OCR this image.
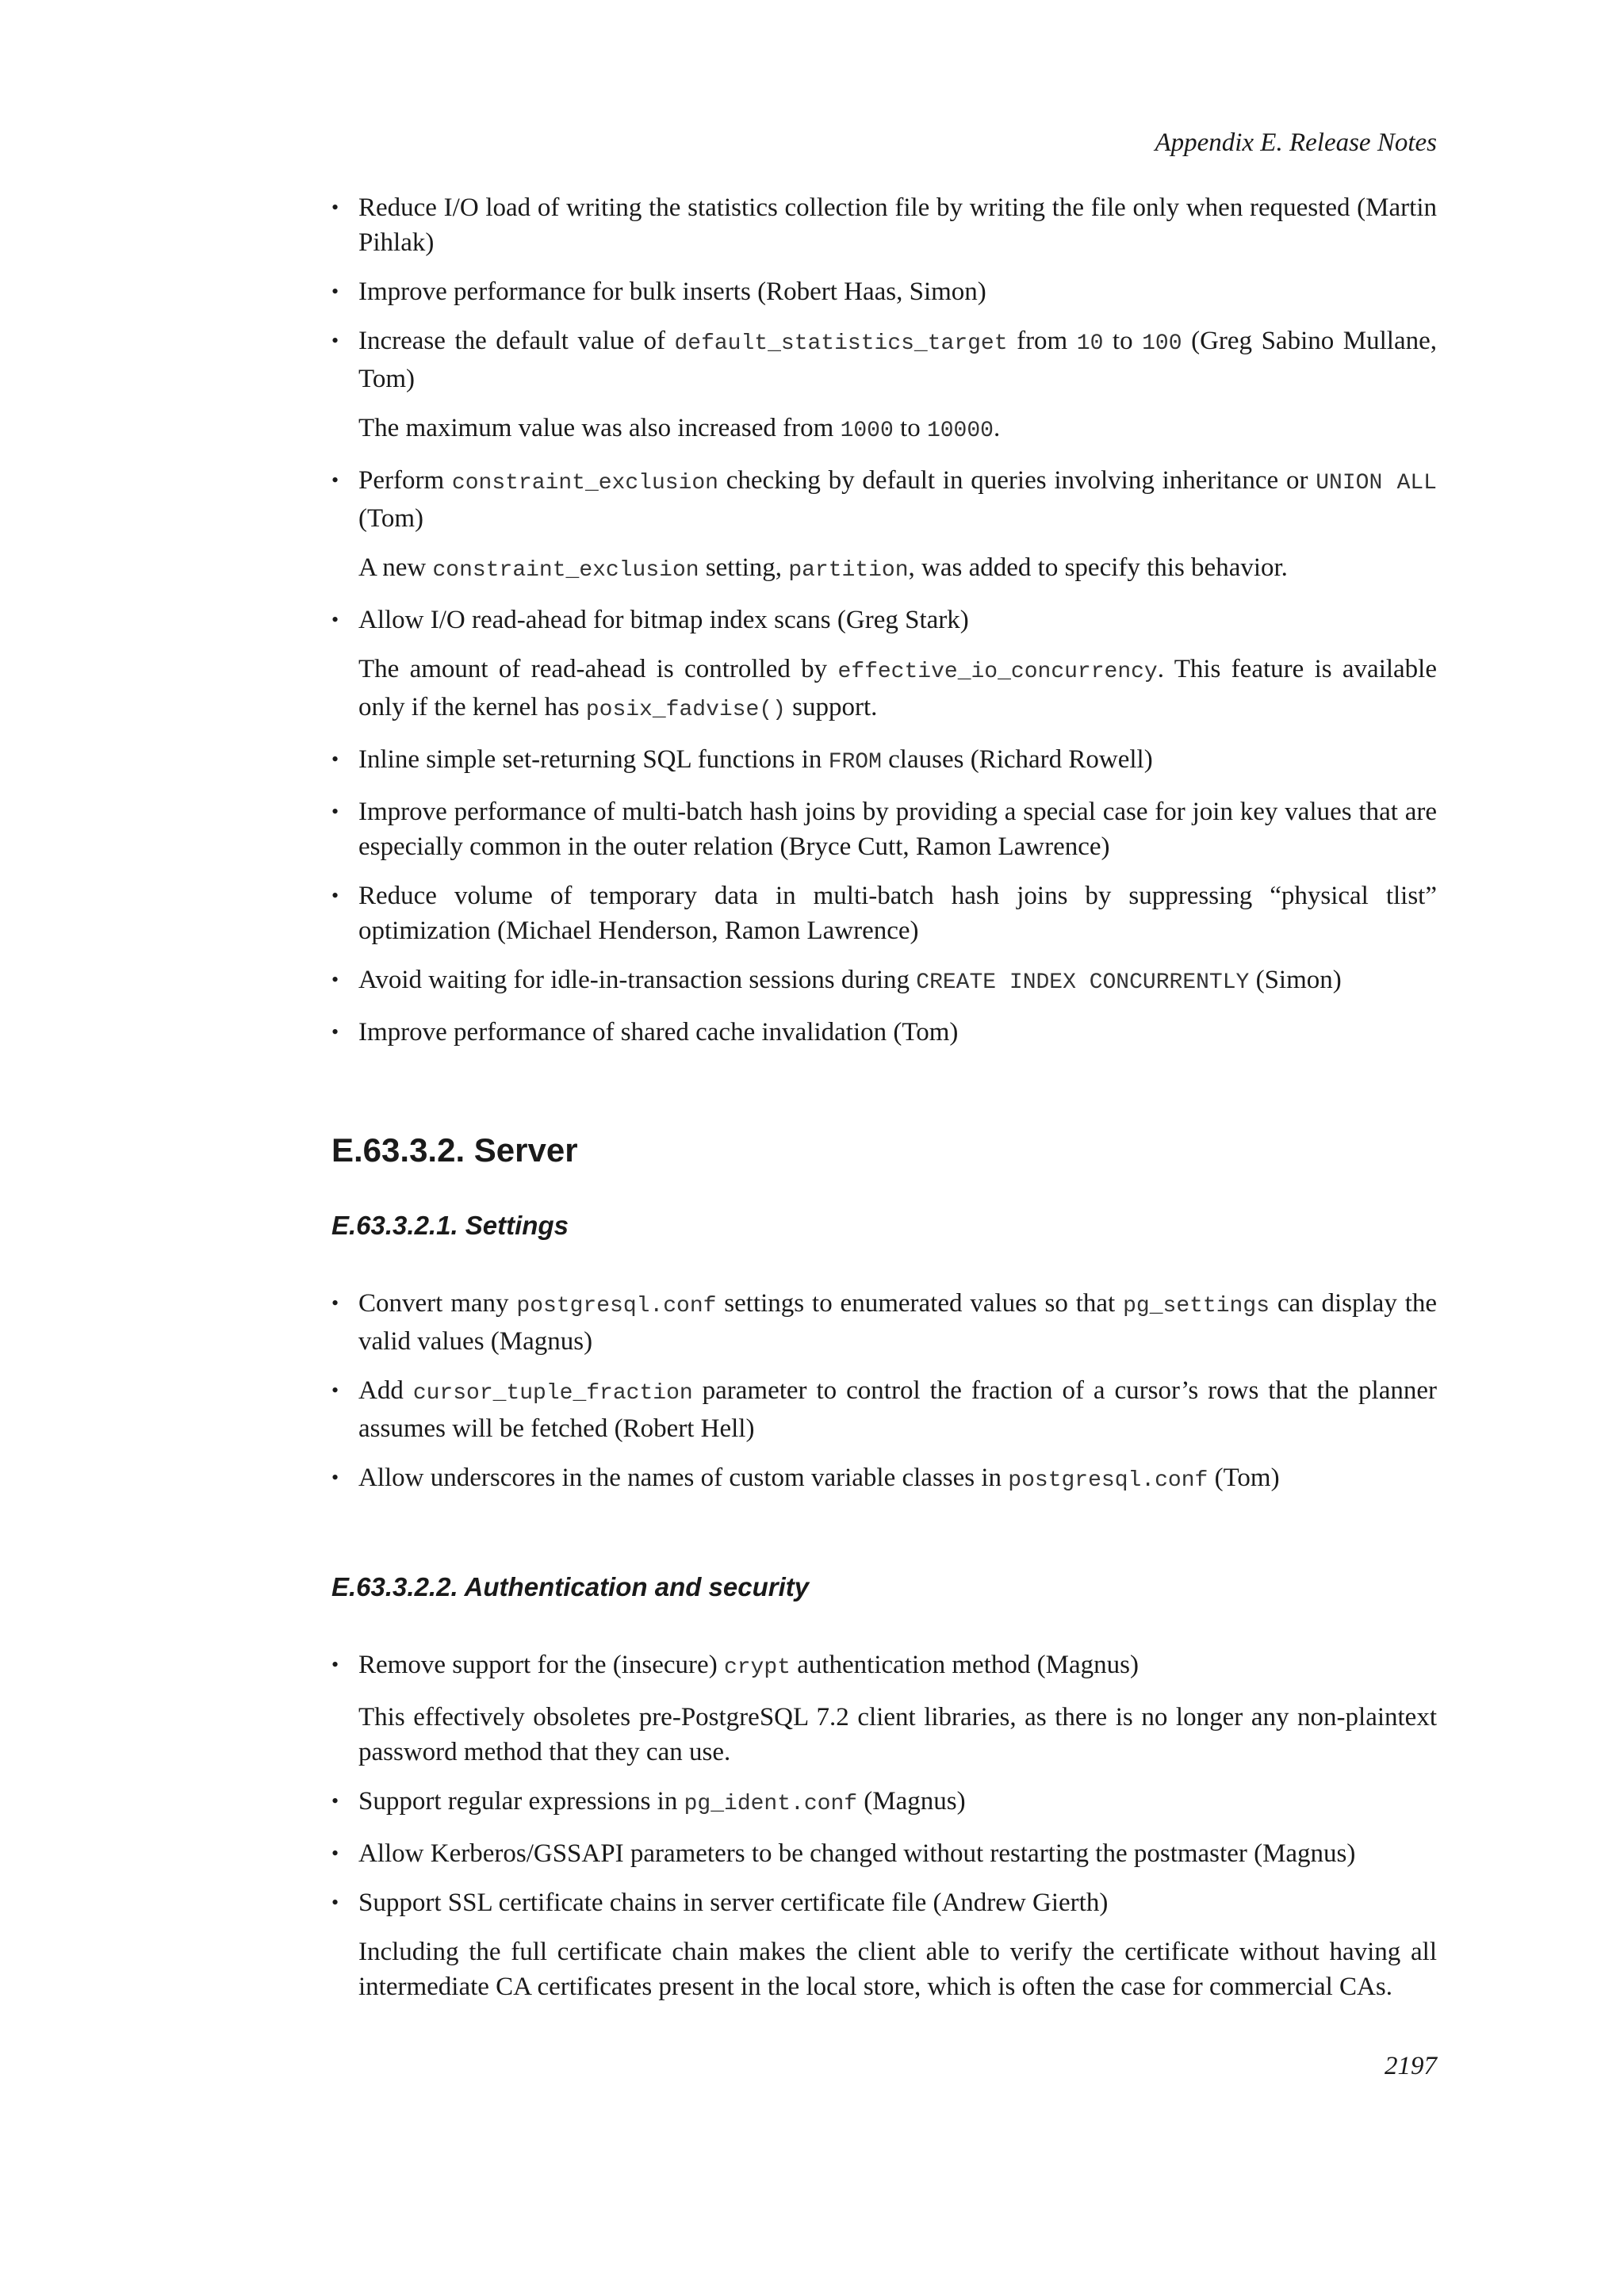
Appendix E. Release Notes
• Reduce I/O load of writing the statistics collection file by writing the file only when requested (Martin Pihlak)
• Improve performance for bulk inserts (Robert Haas, Simon)
• Increase the default value of default_statistics_target from 10 to 100 (Greg Sabino Mullane, Tom)
The maximum value was also increased from 1000 to 10000.
• Perform constraint_exclusion checking by default in queries involving inheritance or UNION ALL (Tom)
A new constraint_exclusion setting, partition, was added to specify this behavior.
• Allow I/O read-ahead for bitmap index scans (Greg Stark)
The amount of read-ahead is controlled by effective_io_concurrency. This feature is available only if the kernel has posix_fadvise() support.
• Inline simple set-returning SQL functions in FROM clauses (Richard Rowell)
• Improve performance of multi-batch hash joins by providing a special case for join key values that are especially common in the outer relation (Bryce Cutt, Ramon Lawrence)
• Reduce volume of temporary data in multi-batch hash joins by suppressing “physical tlist” optimization (Michael Henderson, Ramon Lawrence)
• Avoid waiting for idle-in-transaction sessions during CREATE INDEX CONCURRENTLY (Simon)
• Improve performance of shared cache invalidation (Tom)
E.63.3.2. Server
E.63.3.2.1. Settings
• Convert many postgresql.conf settings to enumerated values so that pg_settings can display the valid values (Magnus)
• Add cursor_tuple_fraction parameter to control the fraction of a cursor’s rows that the planner assumes will be fetched (Robert Hell)
• Allow underscores in the names of custom variable classes in postgresql.conf (Tom)
E.63.3.2.2. Authentication and security
• Remove support for the (insecure) crypt authentication method (Magnus)
This effectively obsoletes pre-PostgreSQL 7.2 client libraries, as there is no longer any non-plaintext password method that they can use.
• Support regular expressions in pg_ident.conf (Magnus)
• Allow Kerberos/GSSAPI parameters to be changed without restarting the postmaster (Magnus)
• Support SSL certificate chains in server certificate file (Andrew Gierth)
Including the full certificate chain makes the client able to verify the certificate without having all intermediate CA certificates present in the local store, which is often the case for commercial CAs.
2197
